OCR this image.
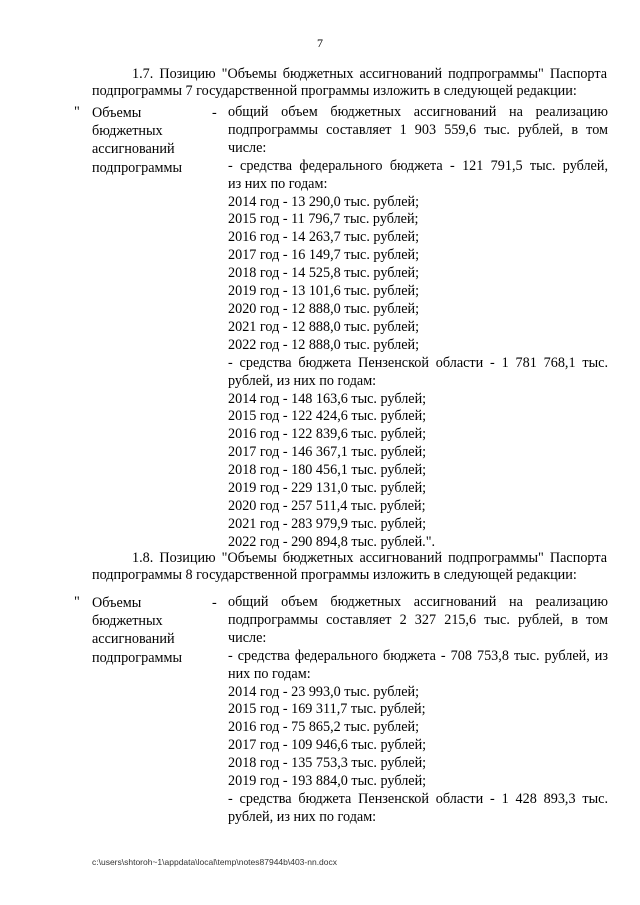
7
1.7. Позицию "Объемы бюджетных ассигнований подпрограммы" Паспорта
подпрограммы 7 государственной программы изложить в следующей редакции:
" Объемы
бюджетных
ассигнований
подпрограммы
- общий объем бюджетных ассигнований на реализацию
подпрограммы составляет 1 903 559,6 тыс. рублей, в том
числе:
- средства федерального бюджета - 121 791,5 тыс. рублей,
из них по годам:
2014 год - 13 290,0 тыс. рублей;
2015 год - 11 796,7 тыс. рублей;
2016 год - 14 263,7 тыс. рублей;
2017 год - 16 149,7 тыс. рублей;
2018 год - 14 525,8 тыс. рублей;
2019 год - 13 101,6 тыс. рублей;
2020 год - 12 888,0 тыс. рублей;
2021 год - 12 888,0 тыс. рублей;
2022 год - 12 888,0 тыс. рублей;
- средства бюджета Пензенской области - 1 781 768,1 тыс.
рублей, из них по годам:
2014 год - 148 163,6 тыс. рублей;
2015 год - 122 424,6 тыс. рублей;
2016 год - 122 839,6 тыс. рублей;
2017 год - 146 367,1 тыс. рублей;
2018 год - 180 456,1 тыс. рублей;
2019 год - 229 131,0 тыс. рублей;
2020 год - 257 511,4 тыс. рублей;
2021 год - 283 979,9 тыс. рублей;
2022 год - 290 894,8 тыс. рублей.".
1.8. Позицию "Объемы бюджетных ассигнований подпрограммы" Паспорта
подпрограммы 8 государственной программы изложить в следующей редакции:
" Объемы
бюджетных
ассигнований
подпрограммы
- общий объем бюджетных ассигнований на реализацию
подпрограммы составляет 2 327 215,6 тыс. рублей, в том
числе:
- средства федерального бюджета - 708 753,8 тыс. рублей, из
них по годам:
2014 год - 23 993,0 тыс. рублей;
2015 год - 169 311,7 тыс. рублей;
2016 год - 75 865,2 тыс. рублей;
2017 год - 109 946,6 тыс. рублей;
2018 год - 135 753,3 тыс. рублей;
2019 год - 193 884,0 тыс. рублей;
- средства бюджета Пензенской области - 1 428 893,3 тыс.
рублей, из них по годам:
c:\users\shtoroh~1\appdata\local\temp\notes87944b\403-nn.docx
